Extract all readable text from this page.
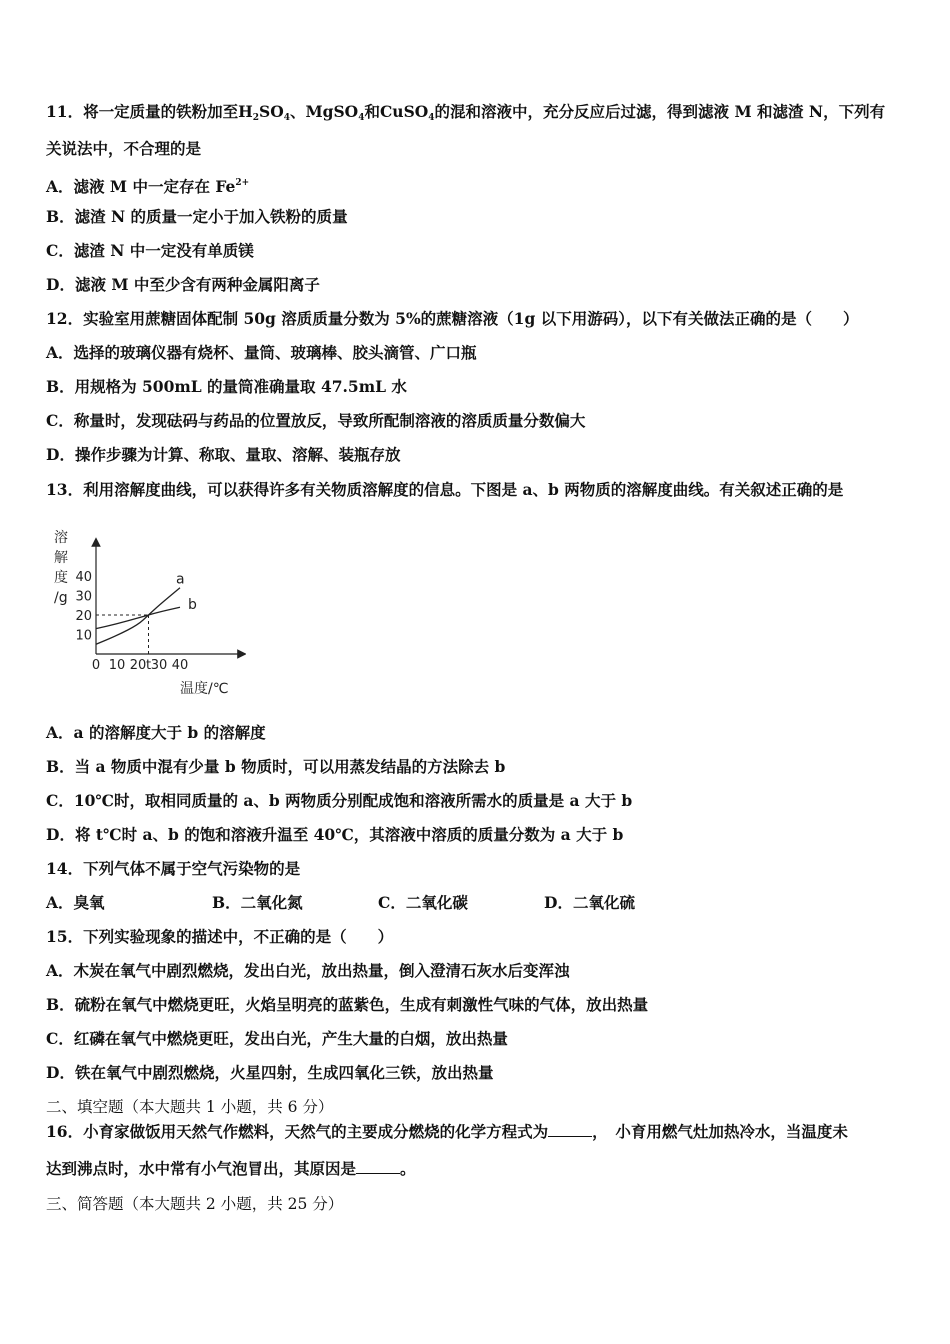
11．将一定质量的铁粉加至$H_2SO_4$、MgSO$_4$和CuSO$_4$的混和溶液中，充分反应后过滤，得到滤液 M 和滤渣 N，下列有
关说法中，不合理的是
A．滤液 M 中一定存在 $Fe^{2+}$
B．滤渣 N 的质量一定小于加入铁粉的质量
C．滤渣 N 中一定没有单质镁
D．滤液 M 中至少含有两种金属阳离子
12．实验室用蔗糖固体配制 50g 溶质质量分数为 5%的蔗糖溶液（1g 以下用游码），以下有关做法正确的是（　　）
A．选择的玻璃仪器有烧杯、量筒、玻璃棒、胶头滴管、广口瓶
B．用规格为 500mL 的量筒准确量取 47.5mL 水
C．称量时，发现砝码与药品的位置放反，导致所配制溶液的溶质质量分数偏大
D．操作步骤为计算、称取、量取、溶解、装瓶存放
13．利用溶解度曲线，可以获得许多有关物质溶解度的信息。下图是 a、b 两物质的溶解度曲线。有关叙述正确的是
溶
解
度
/g
10
20
30
40
0 10 20 t 30 40
a
b
温度/℃
A．a 的溶解度大于 b 的溶解度
B．当 a 物质中混有少量 b 物质时，可以用蒸发结晶的方法除去 b
C．10℃时，取相同质量的 a、b 两物质分别配成饱和溶液所需水的质量是 a 大于 b
D．将 t℃时 a、b 的饱和溶液升温至 40℃，其溶液中溶质的质量分数为 a 大于 b
14．下列气体不属于空气污染物的是
A．臭氧	B．二氧化氮	C．二氧化碳	D．二氧化硫
15．下列实验现象的描述中，不正确的是（　　）
A．木炭在氧气中剧烈燃烧，发出白光，放出热量，倒入澄清石灰水后变浑浊
B．硫粉在氧气中燃烧更旺，火焰呈明亮的蓝紫色，生成有刺激性气味的气体，放出热量
C．红磷在氧气中燃烧更旺，发出白光，产生大量的白烟，放出热量
D．铁在氧气中剧烈燃烧，火星四射，生成四氧化三铁，放出热量
二、填空题（本大题共 1 小题，共 6 分）
16．小育家做饭用天然气作燃料，天然气的主要成分燃烧的化学方程式为	，　小育用燃气灶加热冷水，当温度未
达到沸点时，水中常有小气泡冒出，其原因是	。
三、简答题（本大题共 2 小题，共 25 分）
